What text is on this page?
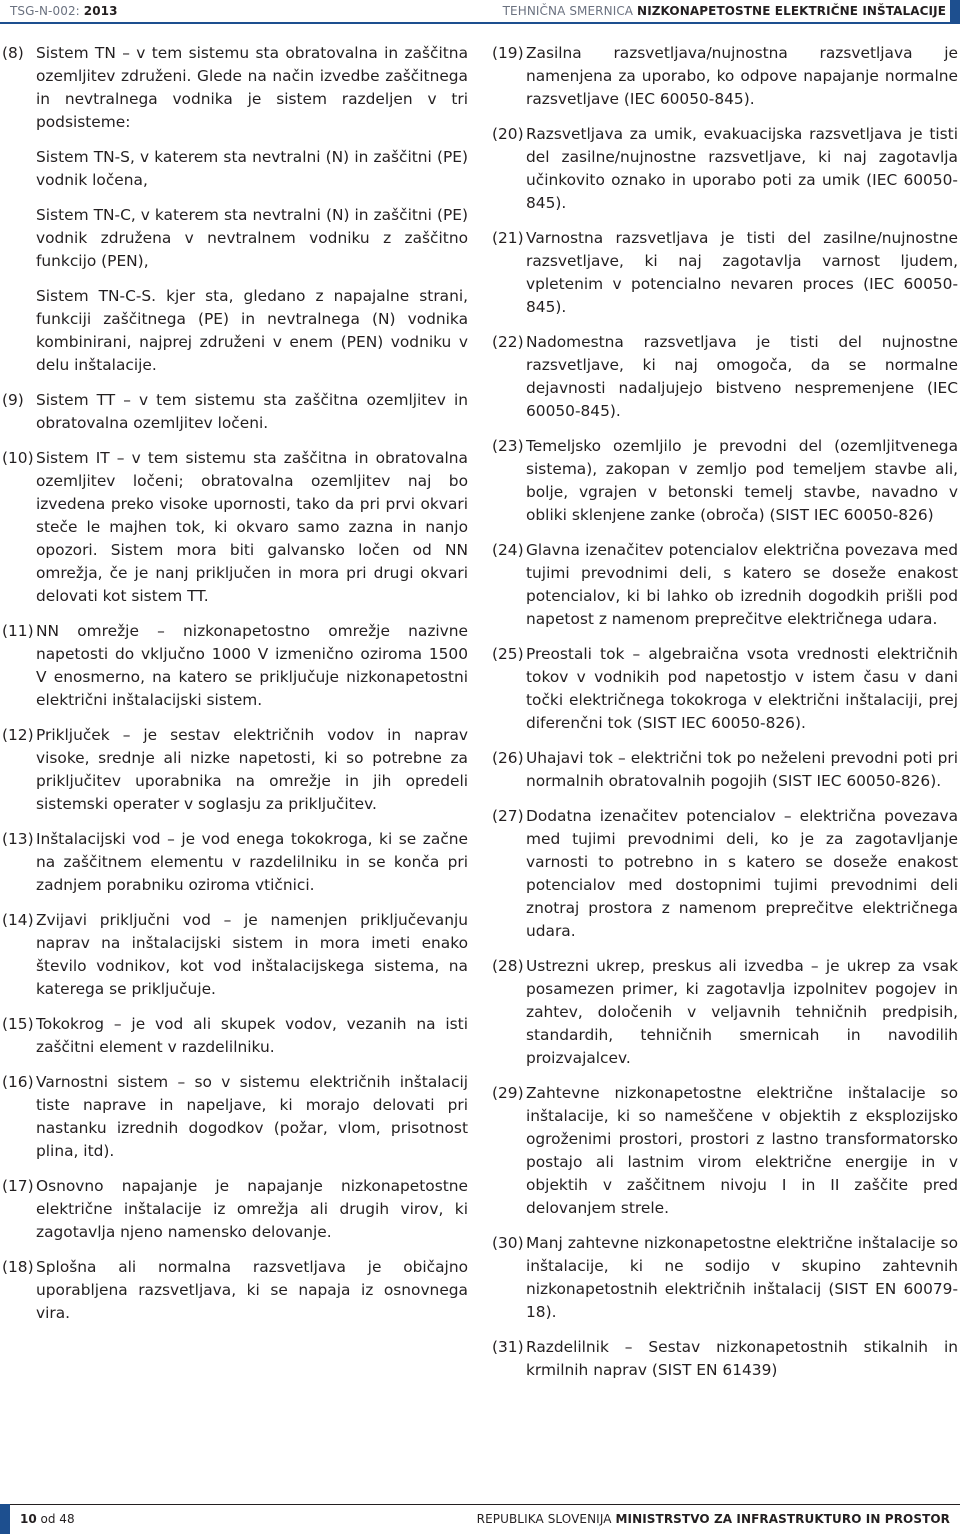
TSG-N-002: 2013	TEHNIČNA SMERNICA NIZKONAPETOSTNE ELEKTRIČNE INŠTALACIJE
(8) Sistem TN – v tem sistemu sta obratovalna in zaščitna ozemljitev združeni. Glede na način izvedbe zaščitnega in nevtralnega vodnika je sistem razdeljen v tri podsisteme:
Sistem TN-S, v katerem sta nevtralni (N) in zaščitni (PE) vodnik ločena,
Sistem TN-C, v katerem sta nevtralni (N) in zaščitni (PE) vodnik združena v nevtralnem vodniku z zaščitno funkcijo (PEN),
Sistem TN-C-S. kjer sta, gledano z napajalne strani, funkciji zaščitnega (PE) in nevtralnega (N) vodnika kombinirani, najprej združeni v enem (PEN) vodniku v delu inštalacije.
(9) Sistem TT – v tem sistemu sta zaščitna ozemljitev in obratovalna ozemljitev ločeni.
(10) Sistem IT – v tem sistemu sta zaščitna in obratovalna ozemljitev ločeni; obratovalna ozemljitev naj bo izvedena preko visoke upornosti, tako da pri prvi okvari steče le majhen tok, ki okvaro samo zazna in nanjo opozori. Sistem mora biti galvansko ločen od NN omrežja, če je nanj priključen in mora pri drugi okvari delovati kot sistem TT.
(11) NN omrežje – nizkonapetostno omrežje nazivne napetosti do vključno 1000 V izmenično oziroma 1500 V enosmerno, na katero se priključuje nizkonapetostni električni inštalacijski sistem.
(12) Priključek – je sestav električnih vodov in naprav visoke, srednje ali nizke napetosti, ki so potrebne za priključitev uporabnika na omrežje in jih opredeli sistemski operater v soglasju za priključitev.
(13) Inštalacijski vod – je vod enega tokokroga, ki se začne na zaščitnem elementu v razdelilniku in se konča pri zadnjem porabniku oziroma vtičnici.
(14) Zvijavi priključni vod – je namenjen priključevanju naprav na inštalacijski sistem in mora imeti enako število vodnikov, kot vod inštalacijskega sistema, na katerega se priključuje.
(15) Tokokrog – je vod ali skupek vodov, vezanih na isti zaščitni element v razdelilniku.
(16) Varnostni sistem – so v sistemu električnih inštalacij tiste naprave in napeljave, ki morajo delovati pri nastanku izrednih dogodkov (požar, vlom, prisotnost plina, itd).
(17) Osnovno napajanje je napajanje nizkonapetostne električne inštalacije iz omrežja ali drugih virov, ki zagotavlja njeno namensko delovanje.
(18) Splošna ali normalna razsvetljava je običajno uporabljena razsvetljava, ki se napaja iz osnovnega vira.
(19) Zasilna razsvetljava/nujnostna razsvetljava je namenjena za uporabo, ko odpove napajanje normalne razsvetljave (IEC 60050-845).
(20) Razsvetljava za umik, evakuacijska razsvetljava je tisti del zasilne/nujnostne razsvetljave, ki naj zagotavlja učinkovito oznako in uporabo poti za umik (IEC 60050-845).
(21) Varnostna razsvetljava je tisti del zasilne/nujnostne razsvetljave, ki naj zagotavlja varnost ljudem, vpletenim v potencialno nevaren proces (IEC 60050-845).
(22) Nadomestna razsvetljava je tisti del nujnostne razsvetljave, ki naj omogoča, da se normalne dejavnosti nadaljujejo bistveno nespremenjene (IEC 60050-845).
(23) Temeljsko ozemljilo je prevodni del (ozemljitvenega sistema), zakopan v zemljo pod temeljem stavbe ali, bolje, vgrajen v betonski temelj stavbe, navadno v obliki sklenjene zanke (obroča) (SIST IEC 60050-826)
(24) Glavna izenačitev potencialov električna povezava med tujimi prevodnimi deli, s katero se doseže enakost potencialov, ki bi lahko ob izrednih dogodkih prišli pod napetost z namenom preprečitve električnega udara.
(25) Preostali tok – algebraična vsota vrednosti električnih tokov v vodnikih pod napetostjo v istem času v dani točki električnega tokokroga v električni inštalaciji, prej diferenčni tok (SIST IEC 60050-826).
(26) Uhajavi tok – električni tok po neželeni prevodni poti pri normalnih obratovalnih pogojih (SIST IEC 60050-826).
(27) Dodatna izenačitev potencialov – električna povezava med tujimi prevodnimi deli, ko je za zagotavljanje varnosti to potrebno in s katero se doseže enakost potencialov med dostopnimi tujimi prevodnimi deli znotraj prostora z namenom preprečitve električnega udara.
(28) Ustrezni ukrep, preskus ali izvedba – je ukrep za vsak posamezen primer, ki zagotavlja izpolnitev pogojev in zahtev, določenih v veljavnih tehničnih predpisih, standardih, tehničnih smernicah in navodilih proizvajalcev.
(29) Zahtevne nizkonapetostne električne inštalacije so inštalacije, ki so nameščene v objektih z eksplozijsko ogroženimi prostori, prostori z lastno transformatorsko postajo ali lastnim virom električne energije in v objektih v zaščitnem nivoju I in II zaščite pred delovanjem strele.
(30) Manj zahtevne nizkonapetostne električne inštalacije so inštalacije, ki ne sodijo v skupino zahtevnih nizkonapetostnih električnih inštalacij (SIST EN 60079-18).
(31) Razdelilnik – Sestav nizkonapetostnih stikalnih in krmilnih naprav (SIST EN 61439)
10 od 48	REPUBLIKA SLOVENIJA MINISTRSTVO ZA INFRASTRUKTURO IN PROSTOR
